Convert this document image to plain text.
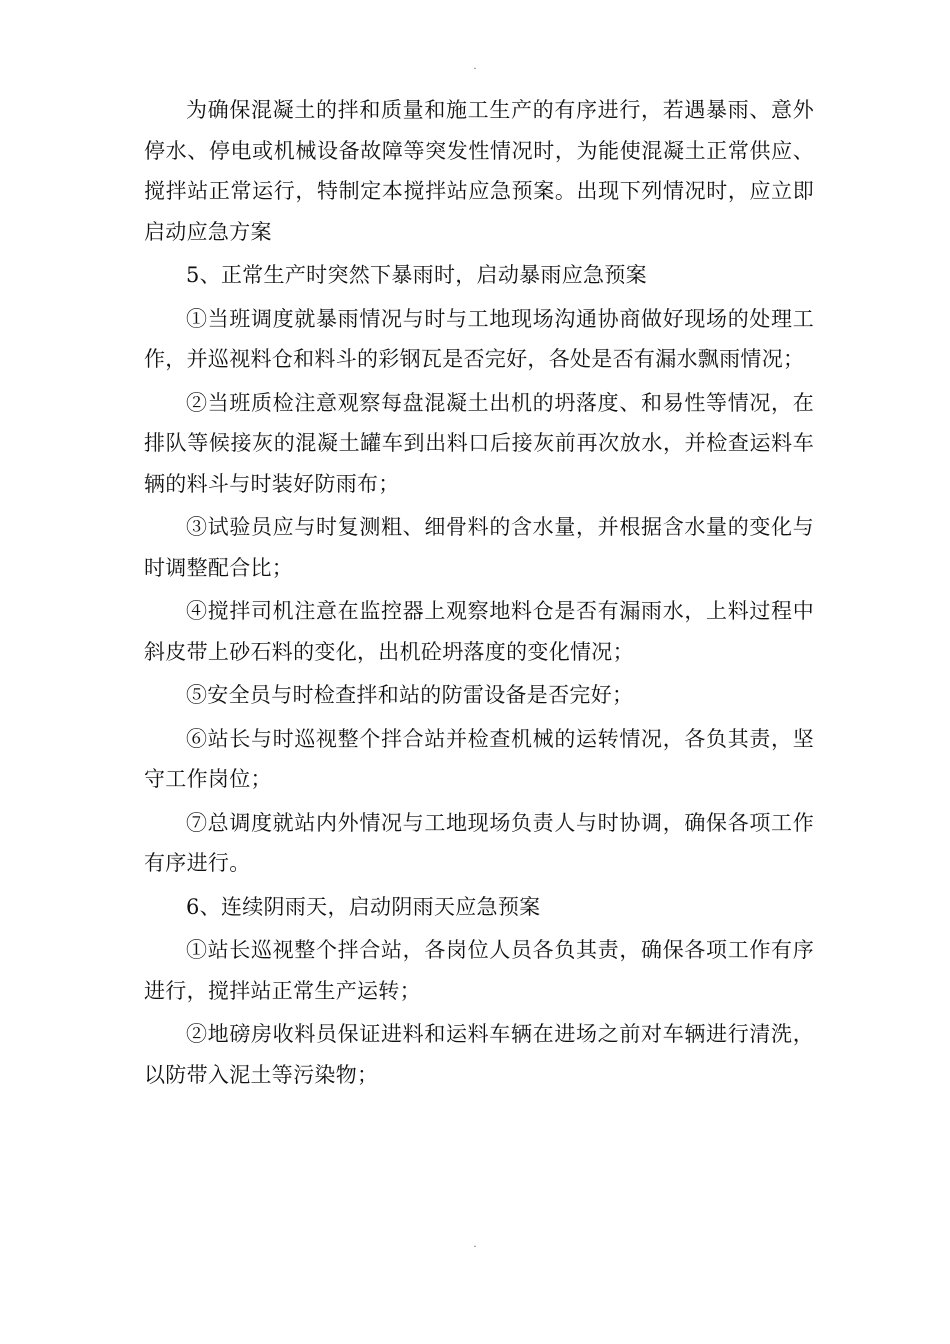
.

为确保混凝土的拌和质量和施工生产的有序进行，若遇暴雨、意外停水、停电或机械设备故障等突发性情况时，为能使混凝土正常供应、搅拌站正常运行，特制定本搅拌站应急预案。出现下列情况时，应立即启动应急方案

5、正常生产时突然下暴雨时，启动暴雨应急预案

①当班调度就暴雨情况与时与工地现场沟通协商做好现场的处理工作，并巡视料仓和料斗的彩钢瓦是否完好，各处是否有漏水飘雨情况；

②当班质检注意观察每盘混凝土出机的坍落度、和易性等情况，在排队等候接灰的混凝土罐车到出料口后接灰前再次放水，并检查运料车辆的料斗与时装好防雨布；

③试验员应与时复测粗、细骨料的含水量，并根据含水量的变化与时调整配合比；

④搅拌司机注意在监控器上观察地料仓是否有漏雨水，上料过程中斜皮带上砂石料的变化，出机砼坍落度的变化情况；

⑤安全员与时检查拌和站的防雷设备是否完好；

⑥站长与时巡视整个拌合站并检查机械的运转情况，各负其责，坚守工作岗位；

⑦总调度就站内外情况与工地现场负责人与时协调，确保各项工作有序进行。

6、连续阴雨天，启动阴雨天应急预案

①站长巡视整个拌合站，各岗位人员各负其责，确保各项工作有序进行，搅拌站正常生产运转；

②地磅房收料员保证进料和运料车辆在进场之前对车辆进行清洗，以防带入泥土等污染物；

.
